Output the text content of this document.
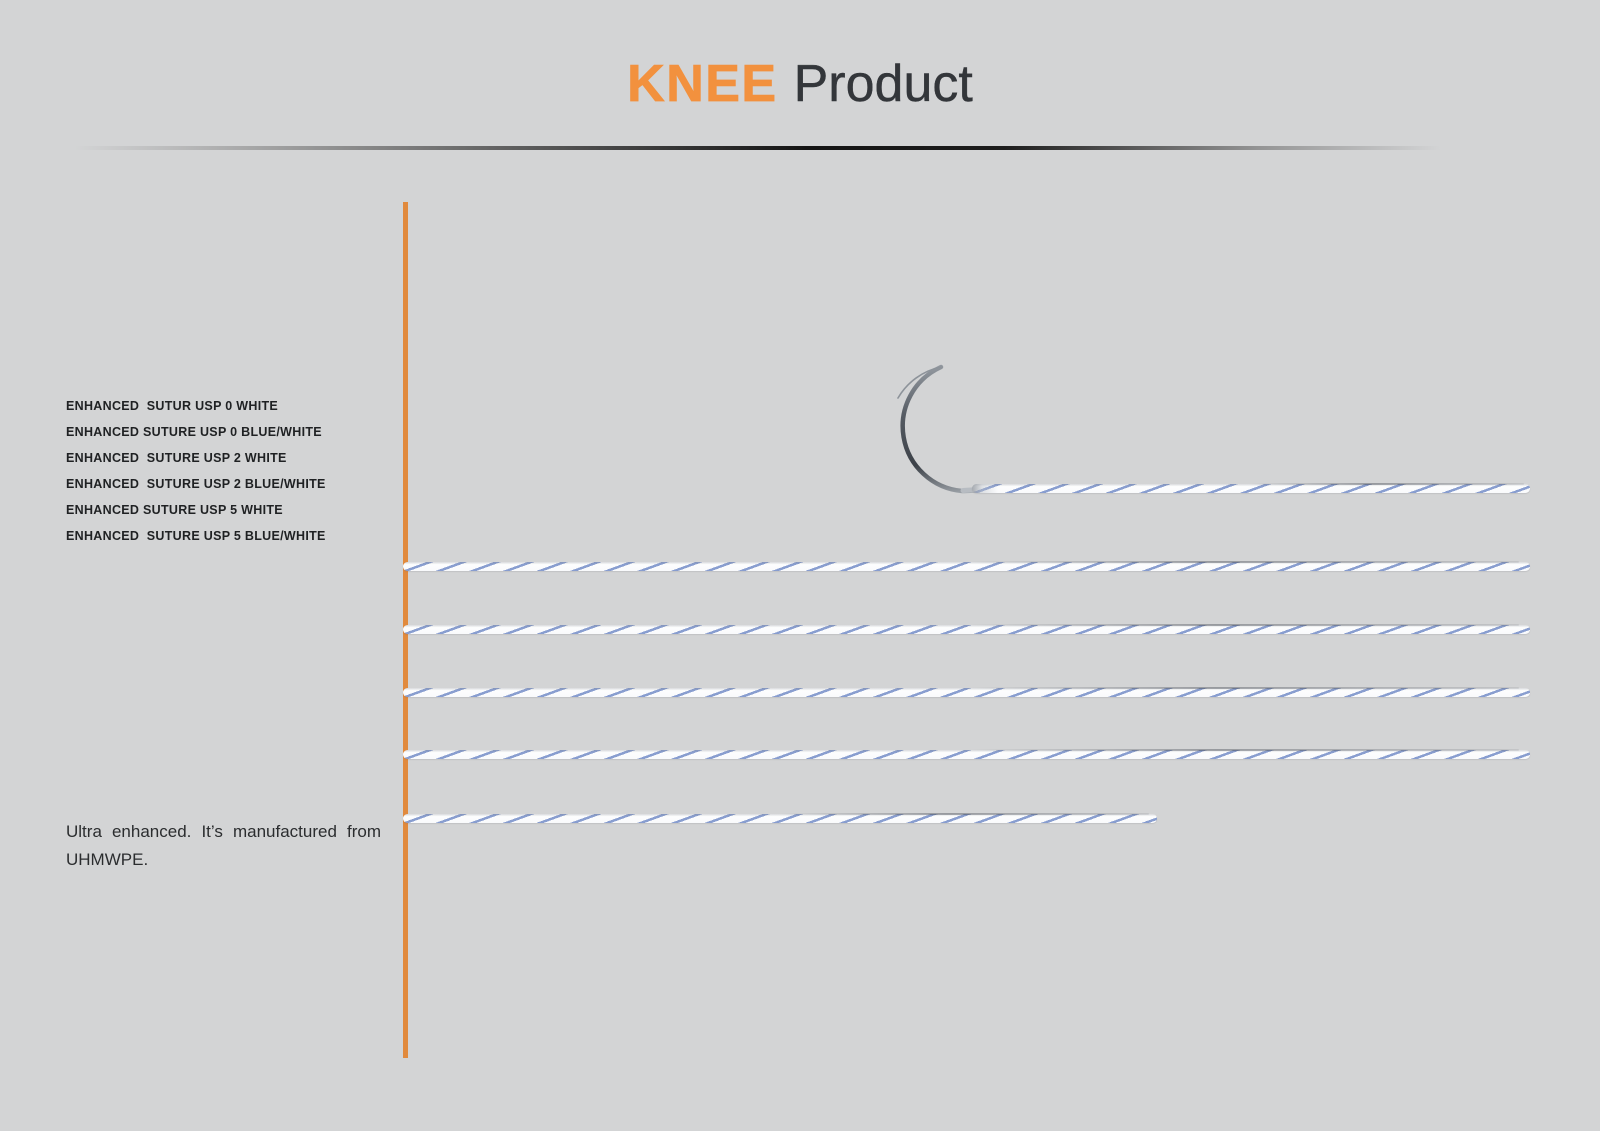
KNEE Product
ENHANCED  SUTUR USP 0 WHITE
ENHANCED SUTURE USP 0 BLUE/WHITE
ENHANCED  SUTURE USP 2 WHITE
ENHANCED  SUTURE USP 2 BLUE/WHITE
ENHANCED SUTURE USP 5 WHITE
ENHANCED  SUTURE USP 5 BLUE/WHITE

Ultra enhanced. It’s manufactured from UHMWPE.
